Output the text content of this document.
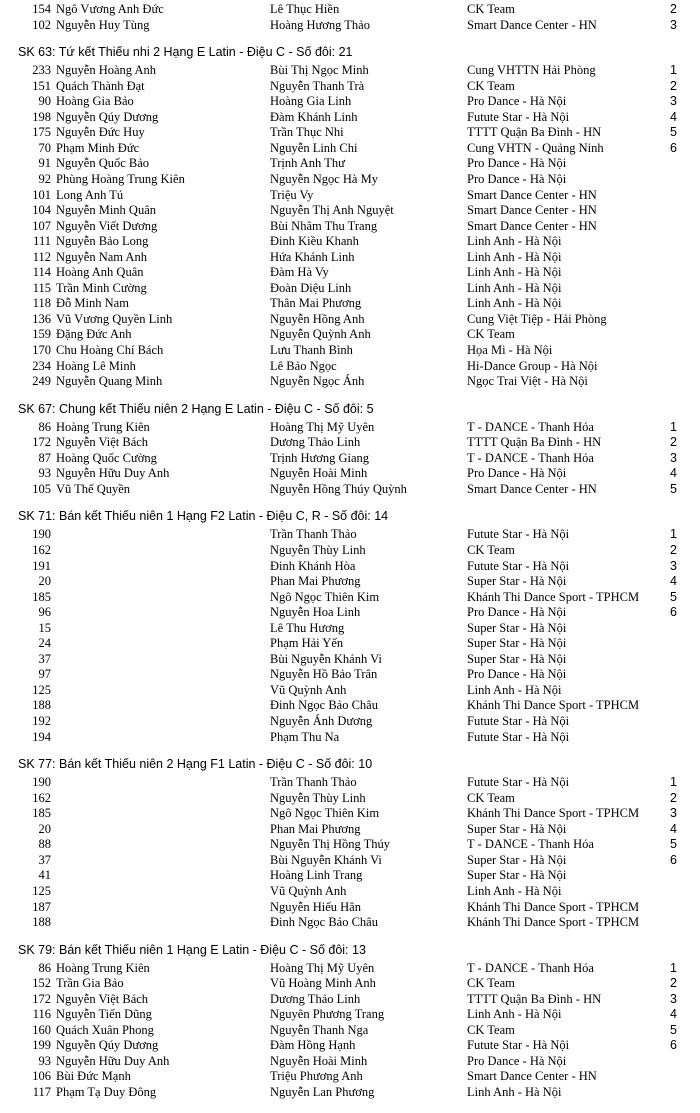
154 Ngô Vương Anh Đức	Lê Thục Hiền	CK Team	2
102 Nguyễn Huy Tùng	Hoàng Hương Thảo	Smart Dance Center - HN	3
SK 63: Tứ kết Thiếu nhi 2 Hạng E Latin - Điệu C - Số đôi: 21
233 Nguyễn Hoàng Anh	Bùi Thị Ngọc Minh	Cung VHTTN Hải Phòng	1
151 Quách Thành Đạt	Nguyễn Thanh Trà	CK Team	2
90 Hoàng Gia Bảo	Hoàng Gia Linh	Pro Dance - Hà Nội	3
198 Nguyễn Qúy Dương	Đàm Khánh Linh	Futute Star - Hà Nội	4
175 Nguyễn Đức Huy	Trần Thục Nhi	TTTT Quận Ba Đình - HN	5
70 Phạm Minh Đức	Nguyễn Linh Chi	Cung VHTN - Quảng Ninh	6
91 Nguyễn Quốc Bảo	Trịnh Anh Thư	Pro Dance - Hà Nội
92 Phùng Hoàng Trung Kiên	Nguyễn Ngọc Hà My	Pro Dance - Hà Nội
101 Long Anh Tú	Triệu Vy	Smart Dance Center - HN
104 Nguyễn Minh Quân	Nguyễn Thị Anh Nguyệt	Smart Dance Center - HN
107 Nguyễn Viết Dương	Bùi Nhâm Thu Trang	Smart Dance Center - HN
111 Nguyễn Bảo Long	Đinh Kiều Khanh	Linh Anh - Hà Nội
112 Nguyễn Nam Anh	Hứa Khánh Linh	Linh Anh - Hà Nội
114 Hoàng Anh Quân	Đàm Hà Vy	Linh Anh - Hà Nội
115 Trần Minh Cường	Đoàn Diệu Linh	Linh Anh - Hà Nội
118 Đỗ Minh Nam	Thân Mai Phương	Linh Anh - Hà Nội
136 Vũ Vương Quyền Linh	Nguyễn Hồng Anh	Cung Việt Tiệp - Hải Phòng
159 Đặng Đức Anh	Nguyễn Quỳnh Anh	CK Team
170 Chu Hoàng Chí Bách	Lưu Thanh Bình	Họa Mi - Hà Nội
234 Hoàng Lê Minh	Lê Bảo Ngọc	Hi-Dance Group - Hà Nội
249 Nguyễn Quang Minh	Nguyễn Ngọc Ánh	Ngọc Trai Việt - Hà Nội
SK 67: Chung kết Thiếu niên 2 Hạng E Latin - Điệu C - Số đôi: 5
86 Hoàng Trung Kiên	Hoàng Thị Mỹ Uyên	T - DANCE - Thanh Hóa	1
172 Nguyễn Việt Bách	Dương Thảo Linh	TTTT Quận Ba Đình - HN	2
87 Hoàng Quốc Cường	Trịnh Hương Giang	T - DANCE - Thanh Hóa	3
93 Nguyễn Hữu Duy Anh	Nguyễn Hoài Minh	Pro Dance - Hà Nội	4
105 Vũ Thế Quyền	Nguyễn Hồng Thúy Quỳnh	Smart Dance Center - HN	5
SK 71: Bán kết Thiếu niên 1 Hạng F2 Latin - Điệu C, R - Số đôi: 14
190	Trần Thanh Thảo	Futute Star - Hà Nội	1
162	Nguyễn Thùy Linh	CK Team	2
191	Đinh Khánh Hòa	Futute Star - Hà Nội	3
20	Phan Mai Phương	Super Star - Hà Nội	4
185	Ngô Ngọc Thiên Kim	Khánh Thi Dance Sport - TPHCM	5
96	Nguyễn Hoa Linh	Pro Dance - Hà Nội	6
15	Lê Thu Hương	Super Star - Hà Nội
24	Phạm Hải Yến	Super Star - Hà Nội
37	Bùi Nguyễn Khánh Vi	Super Star - Hà Nội
97	Nguyễn Hồ Bảo Trân	Pro Dance - Hà Nội
125	Vũ Quỳnh Anh	Linh Anh - Hà Nội
188	Đinh Ngọc Bảo Châu	Khánh Thi Dance Sport - TPHCM
192	Nguyễn Ánh Dương	Futute Star - Hà Nội
194	Phạm Thu Na	Futute Star - Hà Nội
SK 77: Bán kết Thiếu niên 2 Hạng F1 Latin - Điệu C - Số đôi: 10
190	Trần Thanh Thảo	Futute Star - Hà Nội	1
162	Nguyễn Thùy Linh	CK Team	2
185	Ngô Ngọc Thiên Kim	Khánh Thi Dance Sport - TPHCM	3
20	Phan Mai Phương	Super Star - Hà Nội	4
88	Nguyễn Thị Hồng Thúy	T - DANCE - Thanh Hóa	5
37	Bùi Nguyễn Khánh Vi	Super Star - Hà Nội	6
41	Hoàng Linh Trang	Super Star - Hà Nội
125	Vũ Quỳnh Anh	Linh Anh - Hà Nội
187	Nguyễn Hiếu Hân	Khánh Thi Dance Sport - TPHCM
188	Đinh Ngọc Bảo Châu	Khánh Thi Dance Sport - TPHCM
SK 79: Bán kết Thiếu niên 1 Hạng E Latin - Điệu C - Số đôi: 13
86 Hoàng Trung Kiên	Hoàng Thị Mỹ Uyên	T - DANCE - Thanh Hóa	1
152 Trần Gia Bảo	Vũ Hoàng Minh Anh	CK Team	2
172 Nguyễn Việt Bách	Dương Thảo Linh	TTTT Quận Ba Đình - HN	3
116 Nguyễn Tiến Dũng	Nguyên Phương Trang	Linh Anh - Hà Nội	4
160 Quách Xuân Phong	Nguyễn Thanh Nga	CK Team	5
199 Nguyễn Qúy Dương	Đàm Hồng Hạnh	Futute Star - Hà Nội	6
93 Nguyễn Hữu Duy Anh	Nguyễn Hoài Minh	Pro Dance - Hà Nội
106 Bùi Đức Mạnh	Triệu Phương Anh	Smart Dance Center - HN
117 Phạm Tạ Duy Đông	Nguyễn Lan Phương	Linh Anh - Hà Nội
